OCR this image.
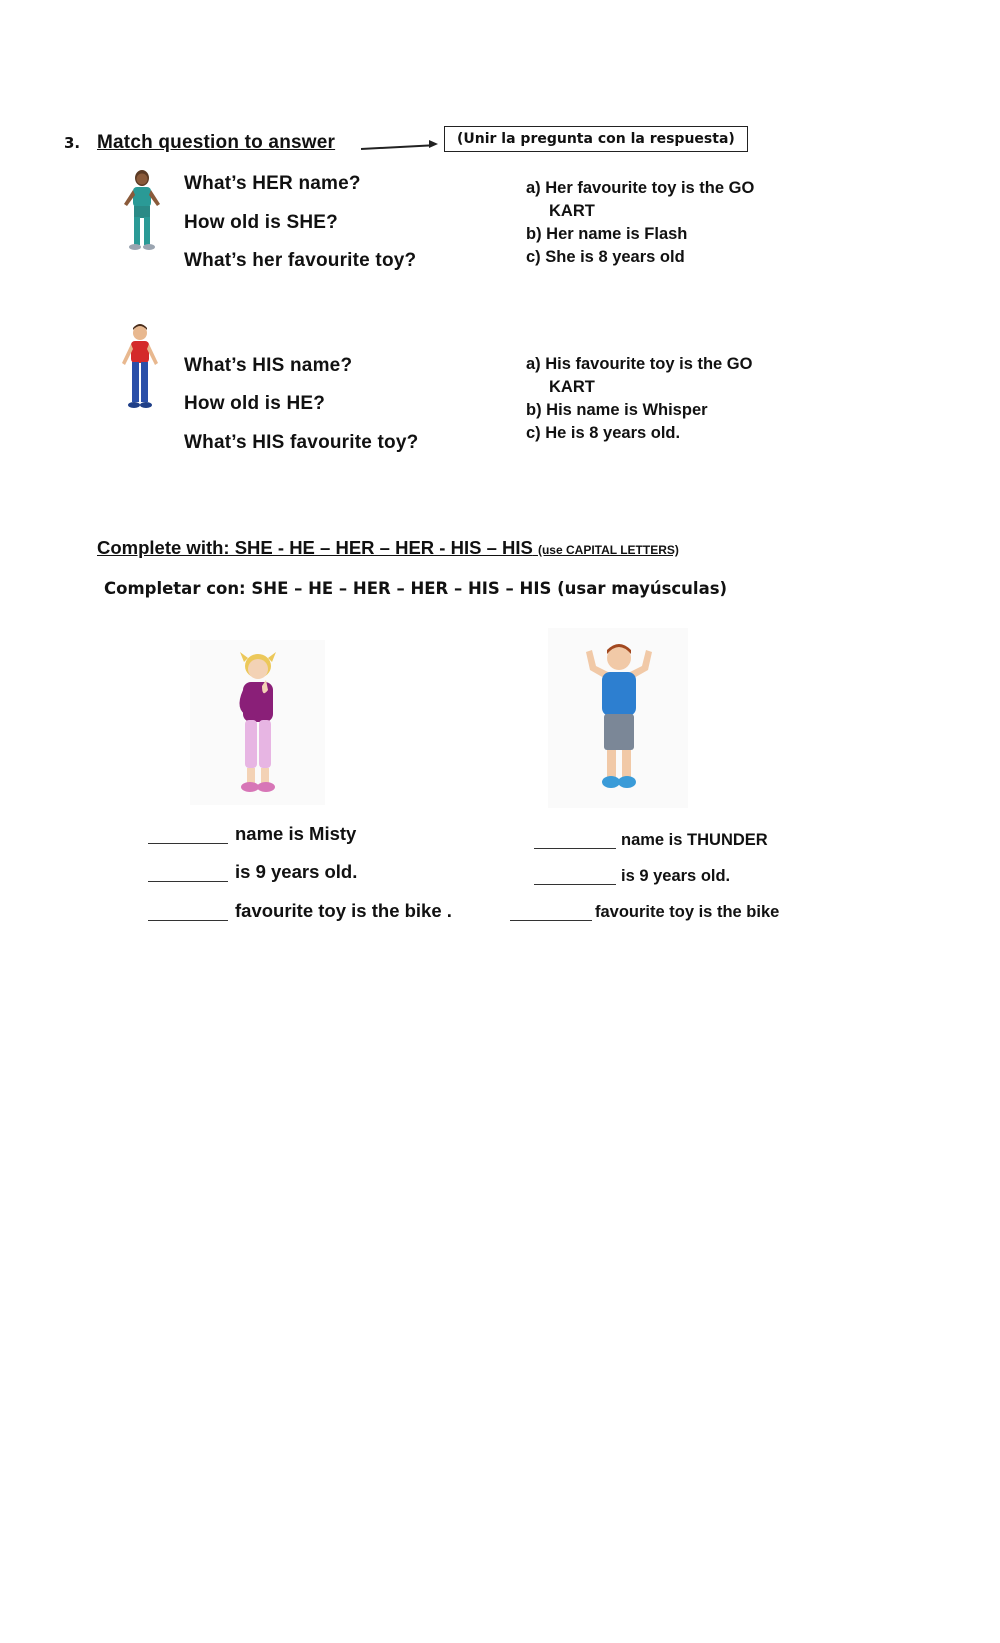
3. Match question to answer	(Unir la pregunta con la respuesta)
What’s HER name?
How old is SHE?
What’s her favourite toy?
a) Her favourite toy is the GO KART
b) Her name is Flash
c) She is 8 years old
What’s HIS name?
How old is HE?
What’s HIS favourite toy?
a) His favourite toy is the GO KART
b) His name is Whisper
c) He is 8 years old.
Complete with: SHE - HE – HER – HER - HIS – HIS (use CAPITAL LETTERS)
Completar con: SHE – HE – HER – HER – HIS – HIS (usar mayúsculas)
name is Misty
is 9 years old.
favourite toy is the bike .
name is THUNDER
is 9 years old.
favourite toy is the bike
